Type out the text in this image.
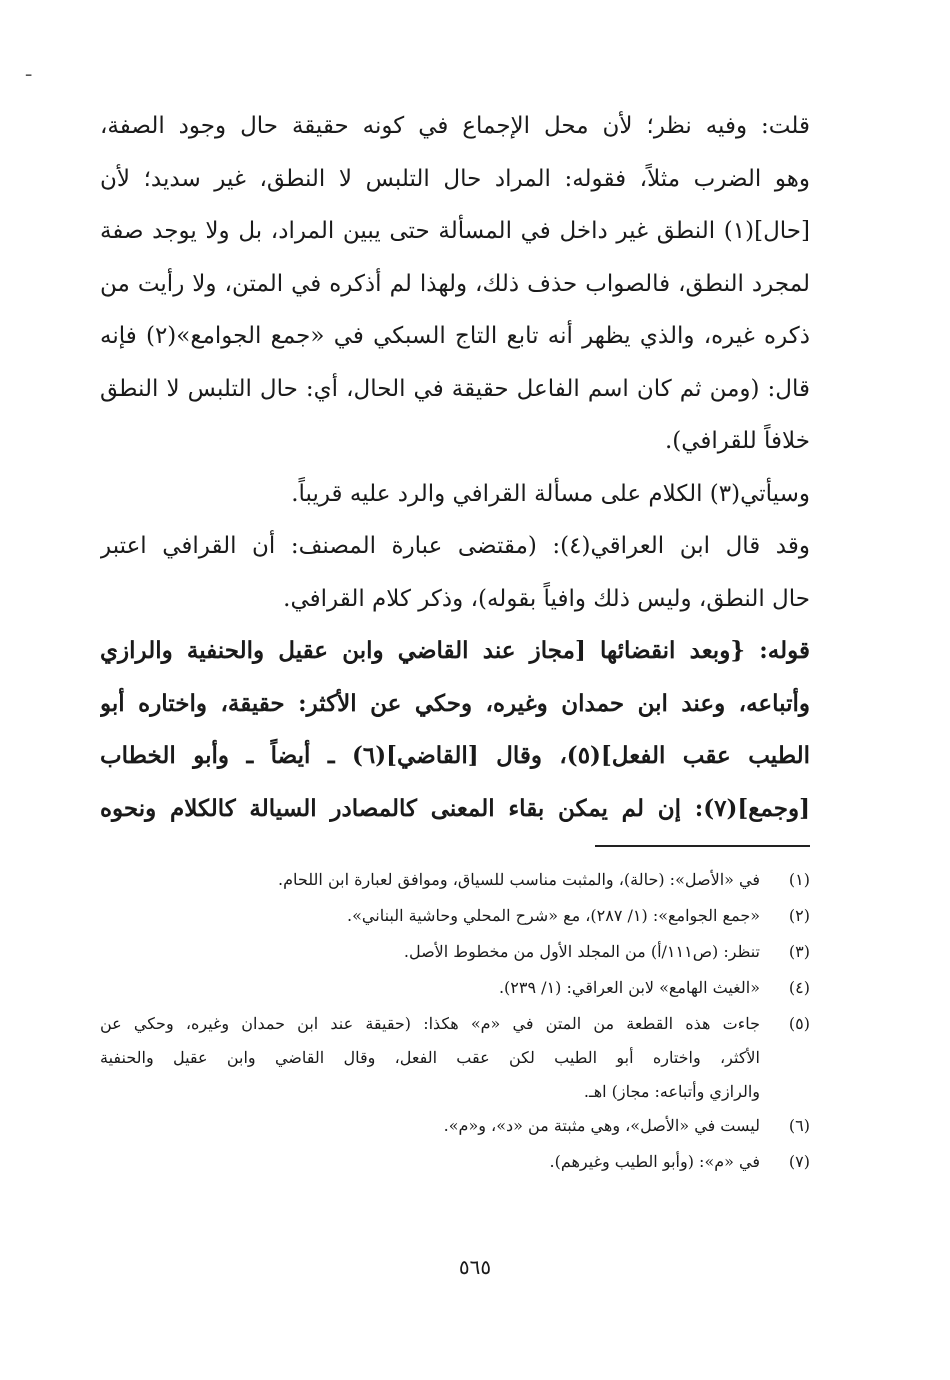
ـ
قلت: وفيه نظر؛ لأن محل الإجماع في كونه حقيقة حال وجود الصفة،
وهو الضرب مثلاً، فقوله: المراد حال التلبس لا النطق، غير سديد؛ لأن
[حال](١) النطق غير داخل في المسألة حتى يبين المراد، بل ولا يوجد صفة
لمجرد النطق، فالصواب حذف ذلك، ولهذا لم أذكره في المتن، ولا رأيت من
ذكره غيره، والذي يظهر أنه تابع التاج السبكي في «جمع الجوامع»(٢) فإنه
قال: (ومن ثم كان اسم الفاعل حقيقة في الحال، أي: حال التلبس لا النطق
خلافاً للقرافي).
وسيأتي(٣) الكلام على مسألة القرافي والرد عليه قريباً.
وقد قال ابن العراقي(٤): (مقتضى عبارة المصنف: أن القرافي اعتبر
حال النطق، وليس ذلك وافياً بقوله)، وذكر كلام القرافي.
قوله: {وبعد انقضائها [مجاز عند القاضي وابن عقيل والحنفية والرازي
وأتباعه، وعند ابن حمدان وغيره، وحكي عن الأكثر: حقيقة، واختاره أبو
الطيب عقب الفعل](٥)، وقال [القاضي](٦) ـ أيضاً ـ وأبو الخطاب
[وجمع](٧): إن لم يمكن بقاء المعنى كالمصادر السيالة كالكلام ونحوه
(١)
في «الأصل»: (حالة)، والمثبت مناسب للسياق، وموافق لعبارة ابن اللحام.
(٢)
«جمع الجوامع»: (١/ ٢٨٧)، مع «شرح المحلي وحاشية البناني».
(٣)
تنظر: (ص١١١/أ) من المجلد الأول من مخطوط الأصل.
(٤)
«الغيث الهامع» لابن العراقي: (١/ ٢٣٩).
(٥)
جاءت هذه القطعة من المتن في «م» هكذا: (حقيقة عند ابن حمدان وغيره، وحكي عن
الأكثر، واختاره أبو الطيب لكن عقب الفعل، وقال القاضي وابن عقيل والحنفية
والرازي وأتباعه: مجاز) اهـ.
(٦)
ليست في «الأصل»، وهي مثبتة من «د»، و«م».
(٧)
في «م»: (وأبو الطيب وغيرهم).
٥٦٥
